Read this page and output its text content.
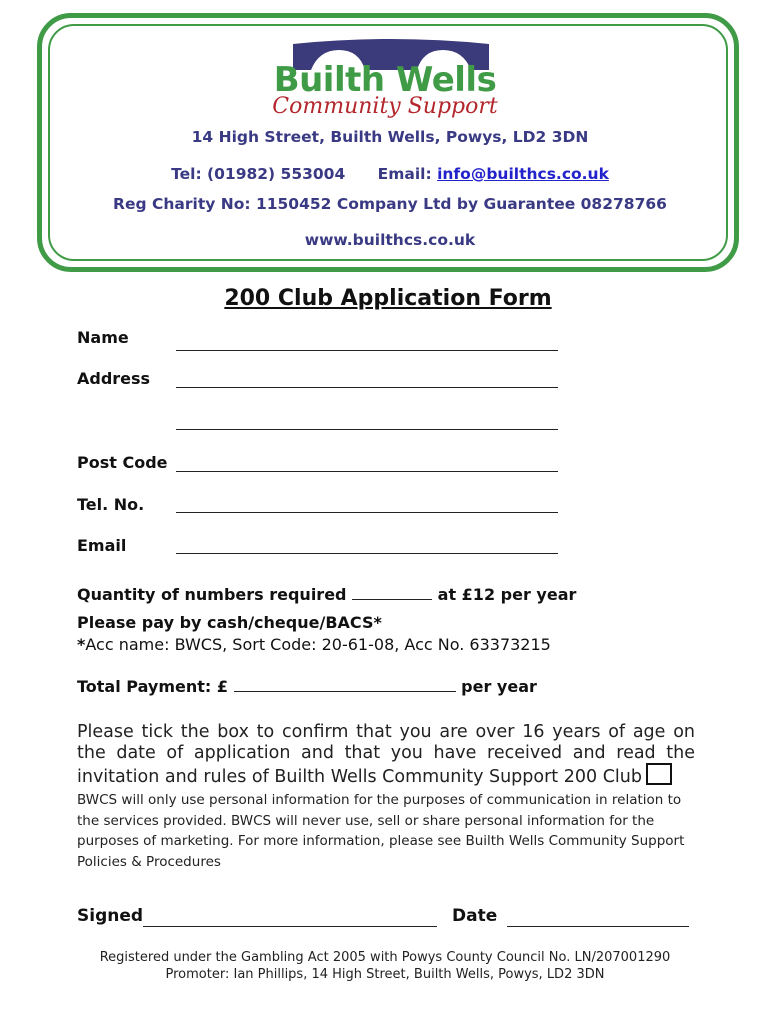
Builth Wells
Community Support
14 High Street, Builth Wells, Powys, LD2 3DN
Tel: (01982) 553004 Email: info@builthcs.co.uk
Reg Charity No: 1150452 Company Ltd by Guarantee 08278766
www.builthcs.co.uk
200 Club Application Form
Name
Address
Post Code
Tel. No.
Email
Quantity of numbers required	at £12 per year
Please pay by cash/cheque/BACS*
*Acc name: BWCS, Sort Code: 20-61-08, Acc No. 63373215
Total Payment: £	per year
Please tick the box to confirm that you are over 16 years of age on the date of application and that you have received and read the invitation and rules of Builth Wells Community Support 200 Club
BWCS will only use personal information for the purposes of communication in relation to the services provided. BWCS will never use, sell or share personal information for the purposes of marketing. For more information, please see Builth Wells Community Support Policies & Procedures
Signed	Date
Registered under the Gambling Act 2005 with Powys County Council No. LN/207001290
Promoter: Ian Phillips, 14 High Street, Builth Wells, Powys, LD2 3DN
